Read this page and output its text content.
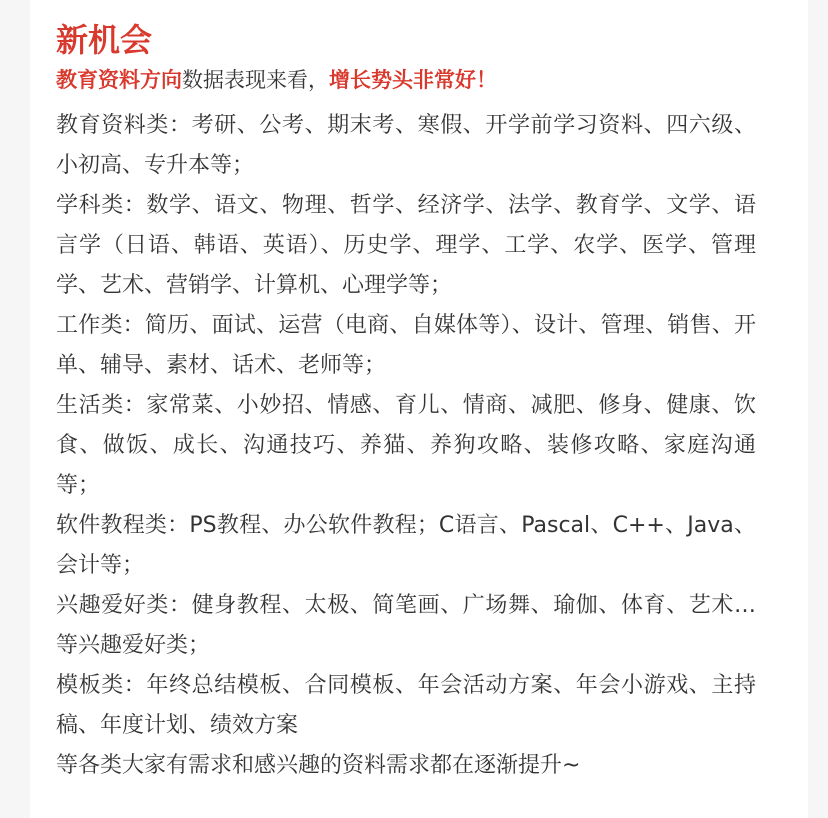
新机会

教育资料方向数据表现来看，增长势头非常好！

教育资料类：考研、公考、期末考、寒假、开学前学习资料、四六级、小初高、专升本等；

学科类：数学、语文、物理、哲学、经济学、法学、教育学、文学、语言学（日语、韩语、英语）、历史学、理学、工学、农学、医学、管理学、艺术、营销学、计算机、心理学等；

工作类：简历、面试、运营（电商、自媒体等）、设计、管理、销售、开单、辅导、素材、话术、老师等；

生活类：家常菜、小妙招、情感、育儿、情商、减肥、修身、健康、饮食、做饭、成长、沟通技巧、养猫、养狗攻略、装修攻略、家庭沟通等；

软件教程类：PS教程、办公软件教程；C语言、Pascal、C++、Java、会计等；

兴趣爱好类：健身教程、太极、简笔画、广场舞、瑜伽、体育、艺术…等兴趣爱好类；

模板类：年终总结模板、合同模板、年会活动方案、年会小游戏、主持稿、年度计划、绩效方案

等各类大家有需求和感兴趣的资料需求都在逐渐提升~
